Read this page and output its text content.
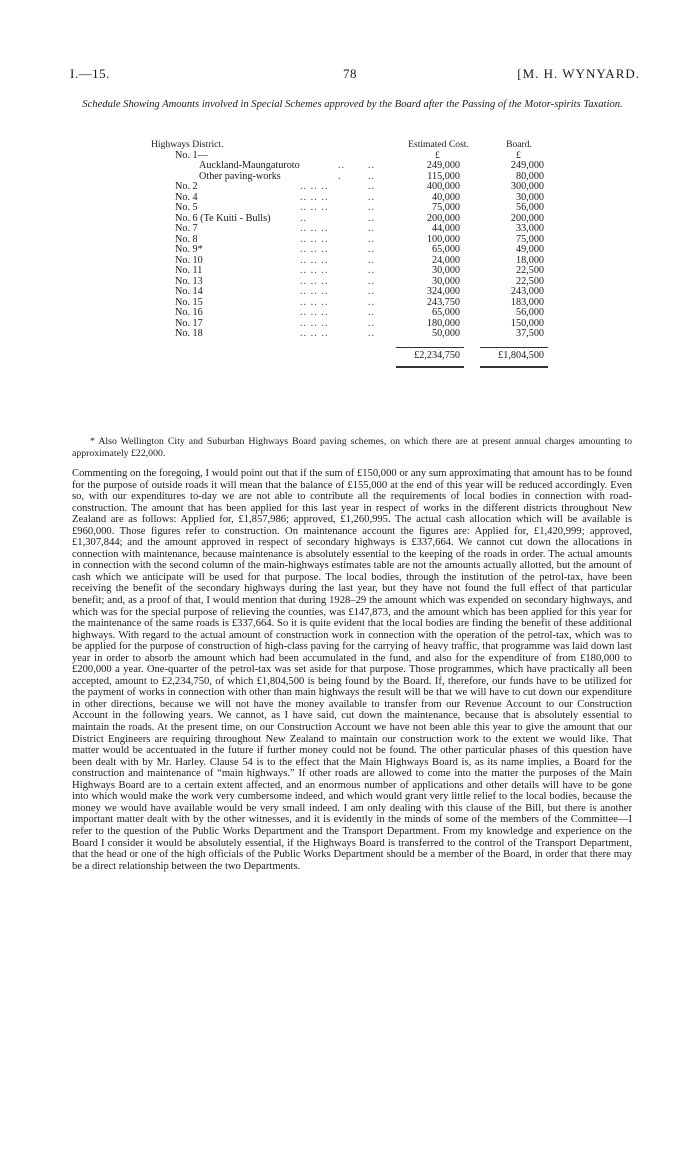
78
I.—15.	[M. H. WYNYARD.
Schedule Showing Amounts involved in Special Schemes approved by the Board after the Passing of the Motor-spirits Taxation.
Highways District.	Estimated Cost.	Board.
No. 1—	£	£
Auckland-Maungaturoto	.. ..	249,000	249,000
Other paving-works	.	..	115,000	80,000
No. 2	.. .. ..	..	400,000	300,000
No. 4	.. .. ..	..	40,000	30,000
No. 5	.. .. ..	..	75,000	56,000
No. 6 (Te Kuiti - Bulls)	..	..	200,000	200,000
No. 7	.. .. ..	..	44,000	33,000
No. 8	.. .. ..	..	100,000	75,000
No. 9*	.. .. ..	..	65,000	49,000
No. 10	.. .. ..	..	24,000	18,000
No. 11	.. .. ..	..	30,000	22,500
No. 13	.. .. ..	..	30,000	22,500
No. 14	.. .. ..	..	324,000	243,000
No. 15	.. .. ..	..	243,750	183,000
No. 16	.. .. ..	..	65,000	56,000
No. 17	.. .. ..	..	180,000	150,000
No. 18	.. .. ..	..	50,000	37,500
£2,234,750	£1,804,500
* Also Wellington City and Suburban Highways Board paving schemes, on which there are at present annual charges amounting to approximately £22,000.

Commenting on the foregoing, I would point out that if the sum of £150,000 or any sum approximating that amount has to be found for the purpose of outside roads it will mean that the balance of £155,000 at the end of this year will be reduced accordingly. Even so, with our expenditures to-day we are not able to contribute all the requirements of local bodies in connection with road-construction. The amount that has been applied for this last year in respect of works in the different districts throughout New Zealand are as follows: Applied for, £1,857,986; approved, £1,260,995. The actual cash allocation which will be available is £960,000. Those figures refer to construction. On maintenance account the figures are: Applied for, £1,420,999; approved, £1,307,844; and the amount approved in respect of secondary highways is £337,664. We cannot cut down the allocations in connection with maintenance, because maintenance is absolutely essential to the keeping of the roads in order. The actual amounts in connection with the second column of the main-highways estimates table are not the amounts actually allotted, but the amount of cash which we anticipate will be used for that purpose. The local bodies, through the institution of the petrol-tax, have been receiving the benefit of the secondary highways during the last year, but they have not found the full effect of that particular benefit; and, as a proof of that, I would mention that during 1928–29 the amount which was expended on secondary highways, and which was for the special purpose of relieving the counties, was £147,873, and the amount which has been applied for this year for the maintenance of the same roads is £337,664. So it is quite evident that the local bodies are finding the benefit of these additional highways. With regard to the actual amount of construction work in connection with the operation of the petrol-tax, which was to be applied for the purpose of construction of high-class paving for the carrying of heavy traffic, that programme was laid down last year in order to absorb the amount which had been accumulated in the fund, and also for the expenditure of from £180,000 to £200,000 a year. One-quarter of the petrol-tax was set aside for that purpose. Those programmes, which have practically all been accepted, amount to £2,234,750, of which £1,804,500 is being found by the Board. If, therefore, our funds have to be utilized for the payment of works in connection with other than main highways the result will be that we will have to cut down our expenditure in other directions, because we will not have the money available to transfer from our Revenue Account to our Construction Account in the following years. We cannot, as I have said, cut down the maintenance, because that is absolutely essential to maintain the roads. At the present time, on our Construction Account we have not been able this year to give the amount that our District Engineers are requiring throughout New Zealand to maintain our construction work to the extent we would like. That matter would be accentuated in the future if further money could not be found. The other particular phases of this question have been dealt with by Mr. Harley. Clause 54 is to the effect that the Main Highways Board is, as its name implies, a Board for the construction and maintenance of “main highways.” If other roads are allowed to come into the matter the purposes of the Main Highways Board are to a certain extent affected, and an enormous number of applications and other details will have to be gone into which would make the work very cumbersome indeed, and which would grant very little relief to the local bodies, because the money we would have available would be very small indeed. I am only dealing with this clause of the Bill, but there is another important matter dealt with by the other witnesses, and it is evidently in the minds of some of the members of the Committee—I refer to the question of the Public Works Department and the Transport Department. From my knowledge and experience on the Board I consider it would be absolutely essential, if the Highways Board is transferred to the control of the Transport Department, that the head or one of the high officials of the Public Works Department should be a member of the Board, in order that there may be a direct relationship between the two Departments.
